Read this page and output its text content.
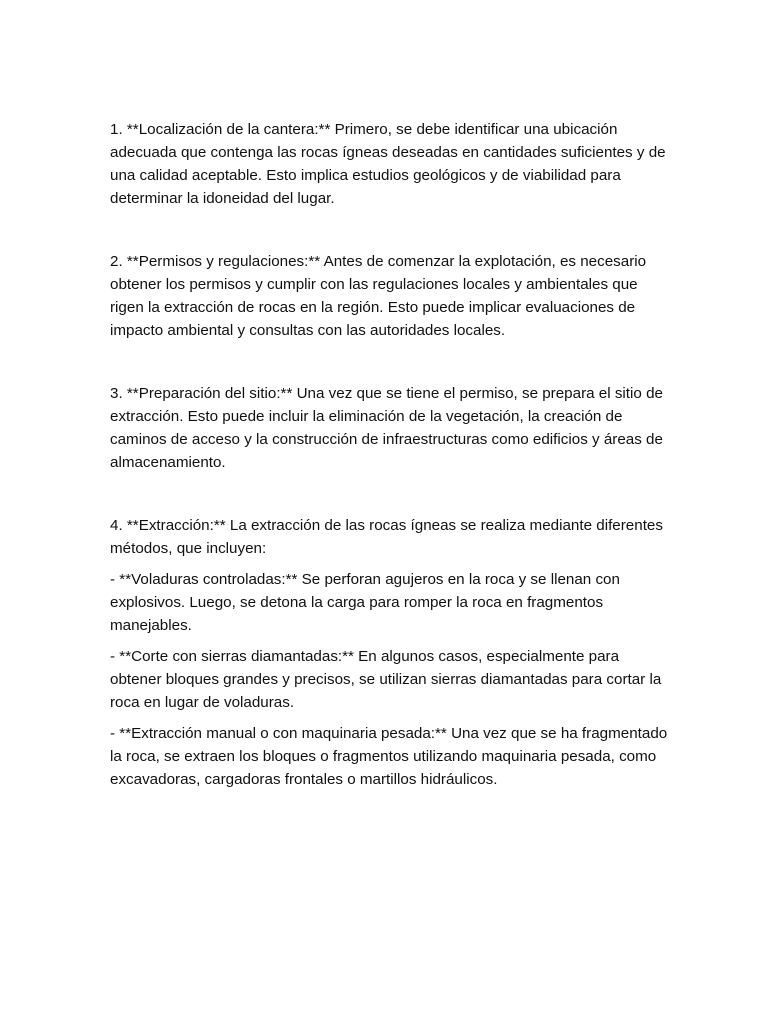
1. **Localización de la cantera:** Primero, se debe identificar una ubicación adecuada que contenga las rocas ígneas deseadas en cantidades suficientes y de una calidad aceptable. Esto implica estudios geológicos y de viabilidad para determinar la idoneidad del lugar.

2. **Permisos y regulaciones:** Antes de comenzar la explotación, es necesario obtener los permisos y cumplir con las regulaciones locales y ambientales que rigen la extracción de rocas en la región. Esto puede implicar evaluaciones de impacto ambiental y consultas con las autoridades locales.

3. **Preparación del sitio:** Una vez que se tiene el permiso, se prepara el sitio de extracción. Esto puede incluir la eliminación de la vegetación, la creación de caminos de acceso y la construcción de infraestructuras como edificios y áreas de almacenamiento.

4. **Extracción:** La extracción de las rocas ígneas se realiza mediante diferentes métodos, que incluyen:

- **Voladuras controladas:** Se perforan agujeros en la roca y se llenan con explosivos. Luego, se detona la carga para romper la roca en fragmentos manejables.

- **Corte con sierras diamantadas:** En algunos casos, especialmente para obtener bloques grandes y precisos, se utilizan sierras diamantadas para cortar la roca en lugar de voladuras.

- **Extracción manual o con maquinaria pesada:** Una vez que se ha fragmentado la roca, se extraen los bloques o fragmentos utilizando maquinaria pesada, como excavadoras, cargadoras frontales o martillos hidráulicos.
